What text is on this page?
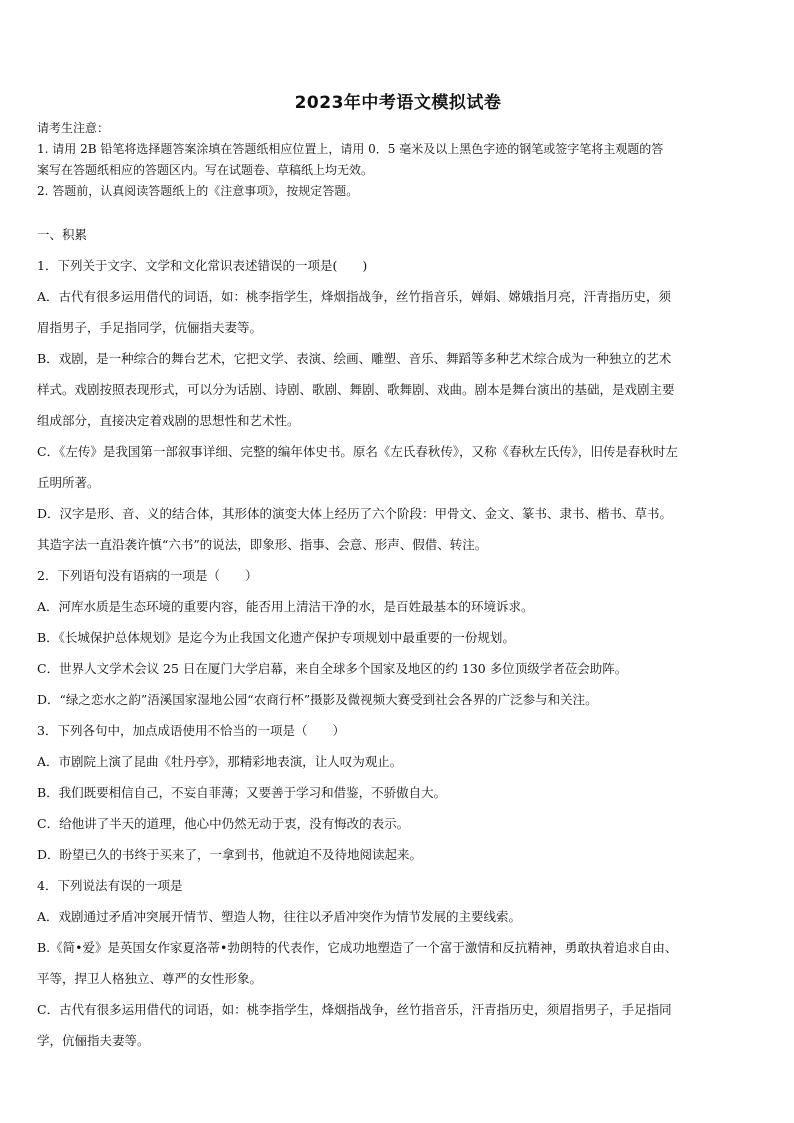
2023年中考语文模拟试卷

请考生注意：

1. 请用 2B 铅笔将选择题答案涂填在答题纸相应位置上，请用 0．5 毫米及以上黑色字迹的钢笔或签字笔将主观题的答

案写在答题纸相应的答题区内。写在试题卷、草稿纸上均无效。

2. 答题前，认真阅读答题纸上的《注意事项》，按规定答题。

一、积累

1．下列关于文字、文学和文化常识表述错误的一项是(　　)

A．古代有很多运用借代的词语，如：桃李指学生，烽烟指战争，丝竹指音乐，婵娟、嫦娥指月亮，汗青指历史，须

眉指男子，手足指同学，伉俪指夫妻等。

B．戏剧，是一种综合的舞台艺术，它把文学、表演、绘画、雕塑、音乐、舞蹈等多种艺术综合成为一种独立的艺术

样式。戏剧按照表现形式，可以分为话剧、诗剧、歌剧、舞剧、歌舞剧、戏曲。剧本是舞台演出的基础，是戏剧主要

组成部分，直接决定着戏剧的思想性和艺术性。

C．《左传》是我国第一部叙事详细、完整的编年体史书。原名《左氏春秋传》，又称《春秋左氏传》，旧传是春秋时左

丘明所著。

D．汉字是形、音、义的结合体，其形体的演变大体上经历了六个阶段：甲骨文、金文、篆书、隶书、楷书、草书。

其造字法一直沿袭许慎“六书”的说法，即象形、指事、会意、形声、假借、转注。

2．下列语句没有语病的一项是（　　）

A．河库水质是生态环境的重要内容，能否用上清洁干净的水，是百姓最基本的环境诉求。

B．《长城保护总体规划》是迄今为止我国文化遗产保护专项规划中最重要的一份规划。

C．世界人文学术会议 25 日在厦门大学启幕，来自全球多个国家及地区的约 130 多位顶级学者莅会助阵。

D．“绿之恋水之韵”浯溪国家湿地公园“农商行杯”摄影及微视频大赛受到社会各界的广泛参与和关注。

3．下列各句中，加点成语使用不恰当的一项是（　　）

A．市剧院上演了昆曲《牡丹亭》，那精彩地表演，让人叹为观止。

B．我们既要相信自己，不妄自菲薄；又要善于学习和借鉴，不骄傲自大。

C．给他讲了半天的道理，他心中仍然无动于衷，没有悔改的表示。

D．盼望已久的书终于买来了，一拿到书，他就迫不及待地阅读起来。

4．下列说法有误的一项是

A．戏剧通过矛盾冲突展开情节、塑造人物，往往以矛盾冲突作为情节发展的主要线索。

B.《简•爱》是英国女作家夏洛蒂•勃朗特的代表作，它成功地塑造了一个富于激情和反抗精神，勇敢执着追求自由、

平等，捍卫人格独立、尊严的女性形象。

C．古代有很多运用借代的词语，如：桃李指学生，烽烟指战争，丝竹指音乐，汗青指历史，须眉指男子，手足指同

学，伉俪指夫妻等。
